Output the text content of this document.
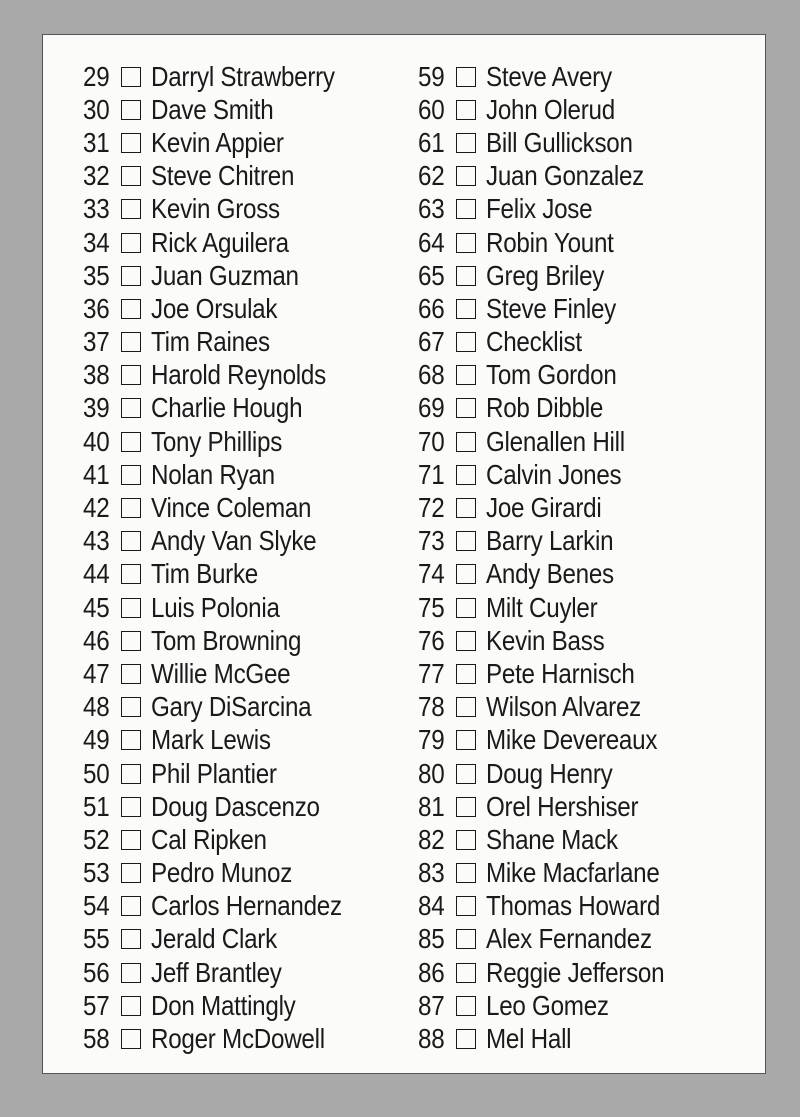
29 Darryl Strawberry
30 Dave Smith
31 Kevin Appier
32 Steve Chitren
33 Kevin Gross
34 Rick Aguilera
35 Juan Guzman
36 Joe Orsulak
37 Tim Raines
38 Harold Reynolds
39 Charlie Hough
40 Tony Phillips
41 Nolan Ryan
42 Vince Coleman
43 Andy Van Slyke
44 Tim Burke
45 Luis Polonia
46 Tom Browning
47 Willie McGee
48 Gary DiSarcina
49 Mark Lewis
50 Phil Plantier
51 Doug Dascenzo
52 Cal Ripken
53 Pedro Munoz
54 Carlos Hernandez
55 Jerald Clark
56 Jeff Brantley
57 Don Mattingly
58 Roger McDowell
59 Steve Avery
60 John Olerud
61 Bill Gullickson
62 Juan Gonzalez
63 Felix Jose
64 Robin Yount
65 Greg Briley
66 Steve Finley
67 Checklist
68 Tom Gordon
69 Rob Dibble
70 Glenallen Hill
71 Calvin Jones
72 Joe Girardi
73 Barry Larkin
74 Andy Benes
75 Milt Cuyler
76 Kevin Bass
77 Pete Harnisch
78 Wilson Alvarez
79 Mike Devereaux
80 Doug Henry
81 Orel Hershiser
82 Shane Mack
83 Mike Macfarlane
84 Thomas Howard
85 Alex Fernandez
86 Reggie Jefferson
87 Leo Gomez
88 Mel Hall
